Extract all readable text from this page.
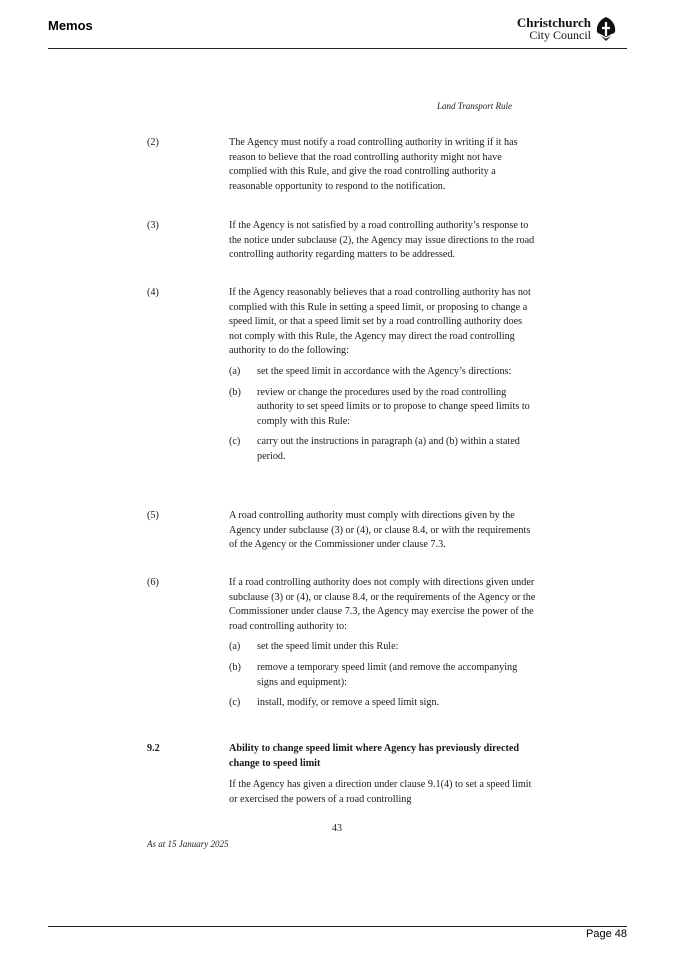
Memos	Christchurch
City Council
Land Transport Rule
(2)	The Agency must notify a road controlling authority in writing if it has reason to believe that the road controlling authority might not have complied with this Rule, and give the road controlling authority a reasonable opportunity to respond to the notification.
(3)	If the Agency is not satisfied by a road controlling authority’s response to the notice under subclause (2), the Agency may issue directions to the road controlling authority regarding matters to be addressed.
(4)	If the Agency reasonably believes that a road controlling authority has not complied with this Rule in setting a speed limit, or proposing to change a speed limit, or that a speed limit set by a road controlling authority does not comply with this Rule, the Agency may direct the road controlling authority to do the following:
(a) set the speed limit in accordance with the Agency’s directions:
(b) review or change the procedures used by the road controlling authority to set speed limits or to propose to change speed limits to comply with this Rule:
(c) carry out the instructions in paragraph (a) and (b) within a stated period.
(5)	A road controlling authority must comply with directions given by the Agency under subclause (3) or (4), or clause 8.4, or with the requirements of the Agency or the Commissioner under clause 7.3.
(6)	If a road controlling authority does not comply with directions given under subclause (3) or (4), or clause 8.4, or the requirements of the Agency or the Commissioner under clause 7.3, the Agency may exercise the power of the road controlling authority to:
(a) set the speed limit under this Rule:
(b) remove a temporary speed limit (and remove the accompanying signs and equipment):
(c) install, modify, or remove a speed limit sign.
9.2	Ability to change speed limit where Agency has previously directed change to speed limit
If the Agency has given a direction under clause 9.1(4) to set a speed limit or exercised the powers of a road controlling
43
As at 15 January 2025
Page 48
